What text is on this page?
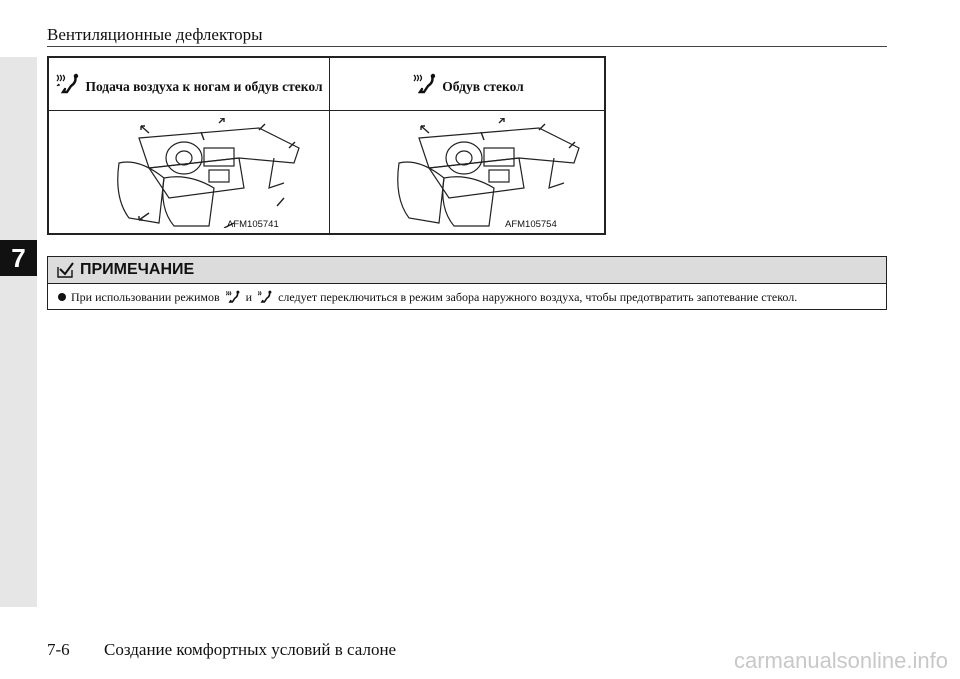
7
Вентиляционные дефлекторы
Подача воздуха к ногам и обдув стекол	Обдув стекол
AFM105741	AFM105754
ПРИМЕЧАНИЕ
При использовании режимов и следует переключиться в режим забора наружного воздуха, чтобы предотвратить запотевание стекол.
7-6 Создание комфортных условий в салоне	carmanualsonline.info
